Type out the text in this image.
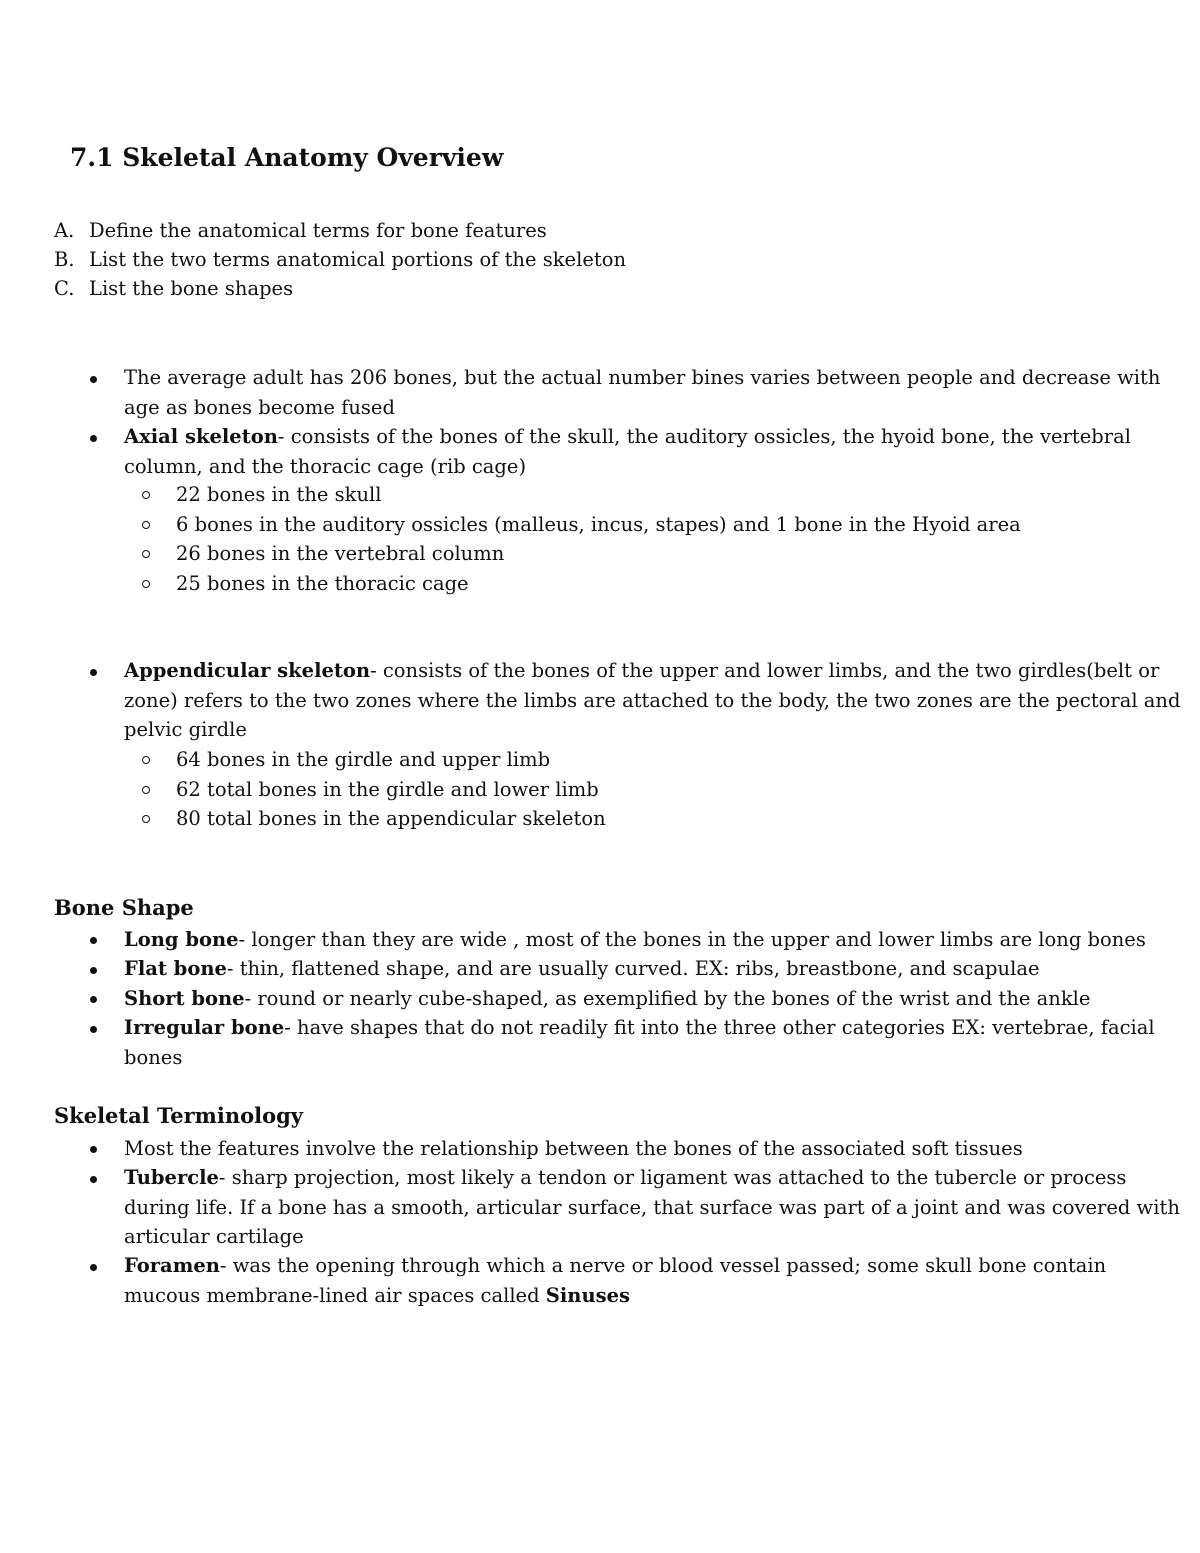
7.1 Skeletal Anatomy Overview
A. Define the anatomical terms for bone features
B. List the two terms anatomical portions of the skeleton
C. List the bone shapes
The average adult has 206 bones, but the actual number bines varies between people and decrease with age as bones become fused
Axial skeleton- consists of the bones of the skull, the auditory ossicles, the hyoid bone, the vertebral column, and the thoracic cage (rib cage)
22 bones in the skull
6 bones in the auditory ossicles (malleus, incus, stapes) and 1 bone in the Hyoid area
26 bones in the vertebral column
25 bones in the thoracic cage
Appendicular skeleton- consists of the bones of the upper and lower limbs, and the two girdles(belt or zone) refers to the two zones where the limbs are attached to the body, the two zones are the pectoral and pelvic girdle
64 bones in the girdle and upper limb
62 total bones in the girdle and lower limb
80 total bones in the appendicular skeleton
Bone Shape
Long bone- longer than they are wide , most of the bones in the upper and lower limbs are long bones
Flat bone- thin, flattened shape, and are usually curved. EX: ribs, breastbone, and scapulae
Short bone- round or nearly cube-shaped, as exemplified by the bones of the wrist and the ankle
Irregular bone- have shapes that do not readily fit into the three other categories EX: vertebrae, facial bones
Skeletal Terminology
Most the features involve the relationship between the bones of the associated soft tissues
Tubercle- sharp projection, most likely a tendon or ligament was attached to the tubercle or process during life. If a bone has a smooth, articular surface, that surface was part of a joint and was covered with articular cartilage
Foramen- was the opening through which a nerve or blood vessel passed; some skull bone contain mucous membrane-lined air spaces called Sinuses
